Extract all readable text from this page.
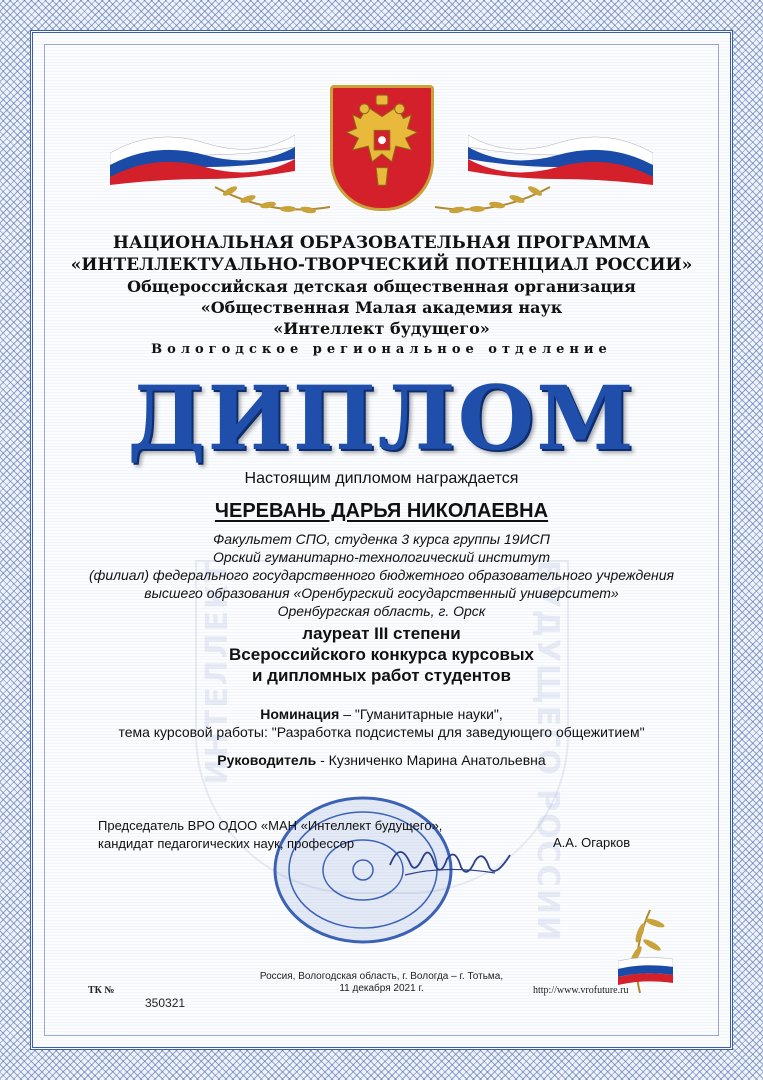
ИНТЕЛЛЕКТ	БУДУЩЕГО РОССИИ
НАЦИОНАЛЬНАЯ ОБРАЗОВАТЕЛЬНАЯ ПРОГРАММА
«ИНТЕЛЛЕКТУАЛЬНО-ТВОРЧЕСКИЙ ПОТЕНЦИАЛ РОССИИ»
Общероссийская детская общественная организация
«Общественная Малая академия наук
«Интеллект будущего»
Вологодское региональное отделение
ДИПЛОМ
Настоящим дипломом награждается
ЧЕРЕВАНЬ ДАРЬЯ НИКОЛАЕВНА
Факультет СПО, студенка 3 курса группы 19ИСП
Орский гуманитарно-технологический институт
(филиал) федерального государственного бюджетного образовательного учреждения
высшего образования «Оренбургский государственный университет»
Оренбургская область, г. Орск
лауреат III степени
Всероссийского конкурса курсовых
и дипломных работ студентов
Номинация – "Гуманитарные науки",
тема курсовой работы: "Разработка подсистемы для заведующего общежитием"
Руководитель - Кузниченко Марина Анатольевна
Председатель ВРО ОДОО «МАН «Интеллект будущего»,
кандидат педагогических наук, профессор	А.А. Огарков
Россия, Вологодская область, г. Вологда – г. Тотьма,
11 декабря 2021 г.	http://www.vrofuture.ru
ТК №
350321
